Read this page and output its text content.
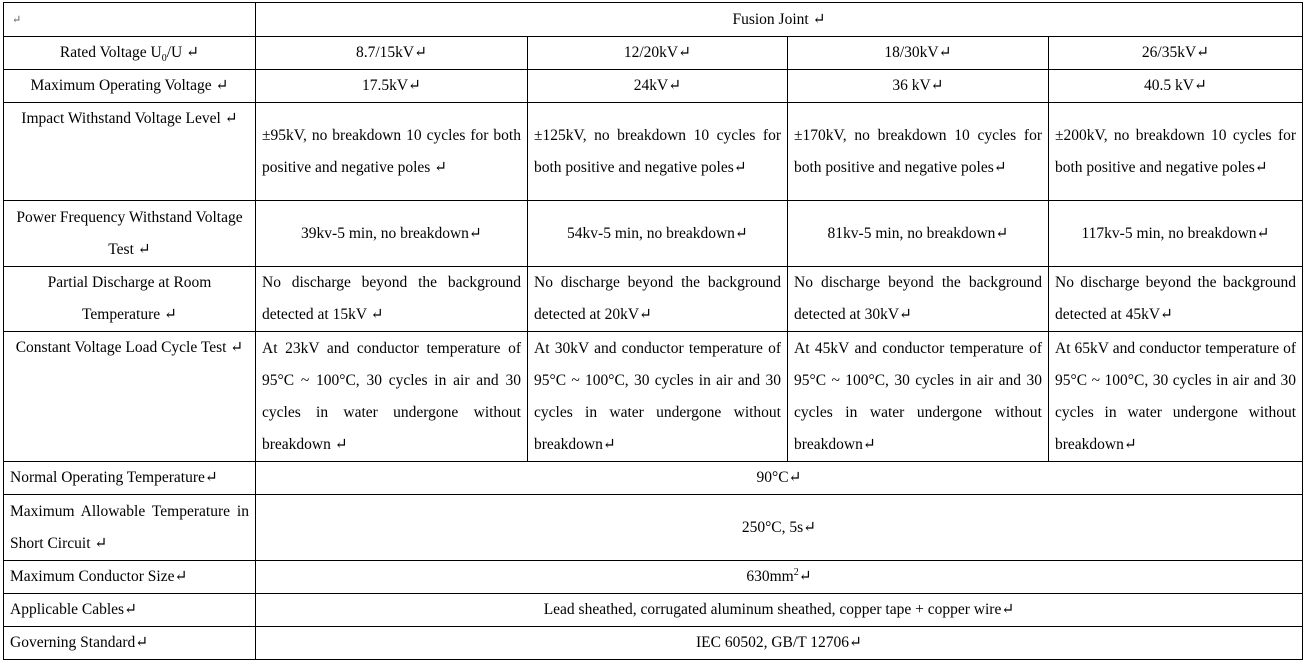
↵	Fusion Joint ↵			
Rated Voltage $U_0/U$ ↵	8.7/15kV↵	12/20kV↵	18/30kV↵	26/35kV↵
Maximum Operating Voltage ↵	17.5kV↵	24kV↵	36 kV↵	40.5 kV↵
Impact Withstand Voltage Level ↵	±95kV, no breakdown 10 cycles for both positive and negative poles ↵	±125kV, no breakdown 10 cycles for both positive and negative poles↵	±170kV, no breakdown 10 cycles for both positive and negative poles↵	±200kV, no breakdown 10 cycles for both positive and negative poles↵
Power Frequency Withstand Voltage Test ↵	39kv-5 min, no breakdown↵	54kv-5 min, no breakdown↵	81kv-5 min, no breakdown↵	117kv-5 min, no breakdown↵
Partial Discharge at Room Temperature ↵	No discharge beyond the background detected at 15kV ↵	No discharge beyond the background detected at 20kV↵	No discharge beyond the background detected at 30kV↵	No discharge beyond the background detected at 45kV↵
Constant Voltage Load Cycle Test ↵	At 23kV and conductor temperature of 95°C ~ 100°C, 30 cycles in air and 30 cycles in water undergone without breakdown ↵	At 30kV and conductor temperature of 95°C ~ 100°C, 30 cycles in air and 30 cycles in water undergone without breakdown↵	At 45kV and conductor temperature of 95°C ~ 100°C, 30 cycles in air and 30 cycles in water undergone without breakdown↵	At 65kV and conductor temperature of 95°C ~ 100°C, 30 cycles in air and 30 cycles in water undergone without breakdown↵
Normal Operating Temperature↵	90°C↵			
Maximum Allowable Temperature in Short Circuit ↵	250°C, 5s↵			
Maximum Conductor Size↵	$630mm^2↵$			
Applicable Cables↵	Lead sheathed, corrugated aluminum sheathed, copper tape + copper wire↵			
Governing Standard↵	IEC 60502, GB/T 12706↵			
